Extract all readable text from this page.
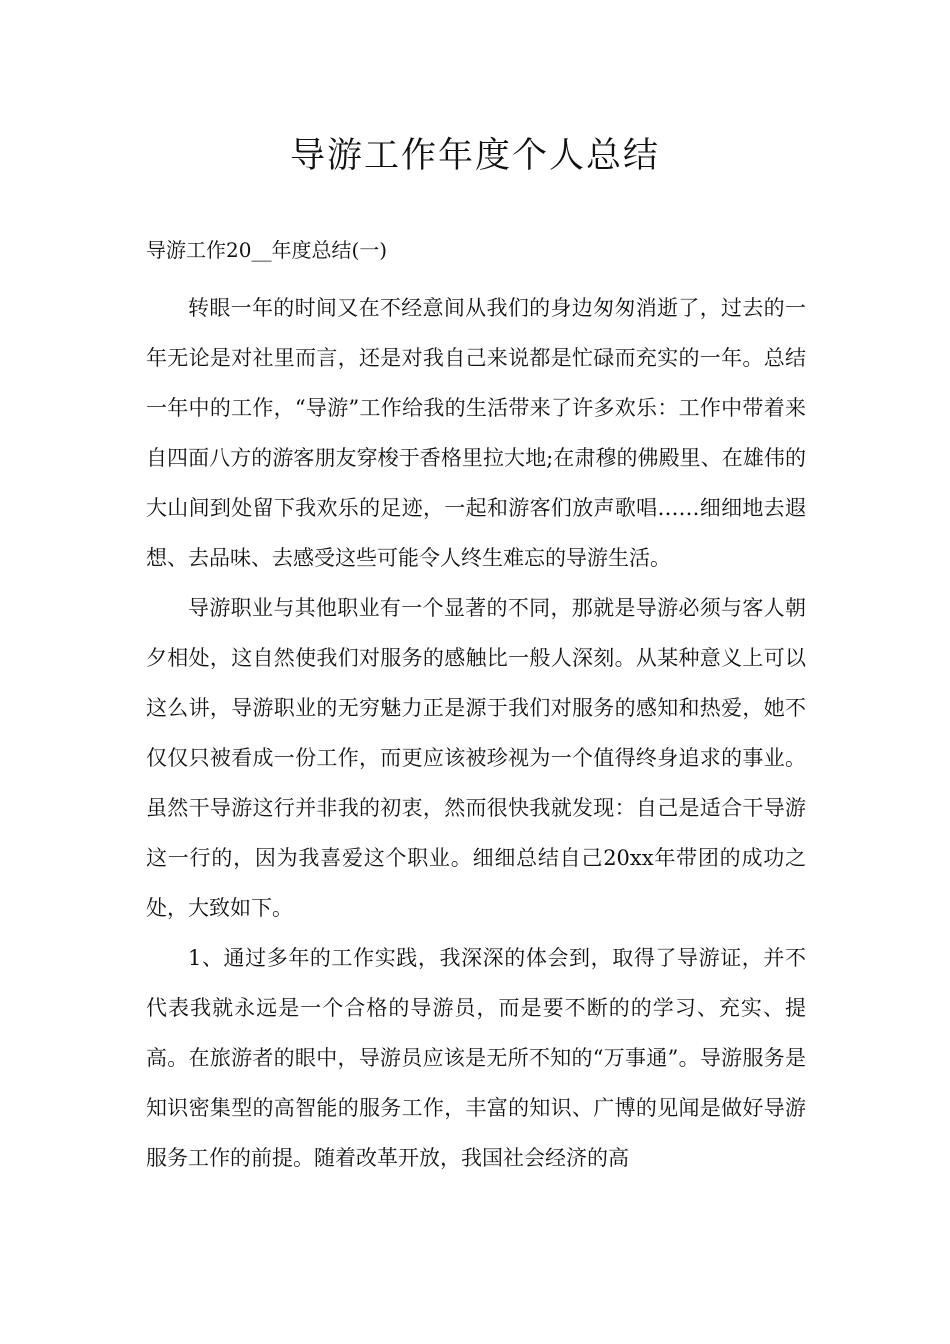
导游工作年度个人总结

导游工作20__年度总结(一)

转眼一年的时间又在不经意间从我们的身边匆匆消逝了，过去的一年无论是对社里而言，还是对我自己来说都是忙碌而充实的一年。总结一年中的工作，“导游”工作给我的生活带来了许多欢乐：工作中带着来自四面八方的游客朋友穿梭于香格里拉大地;在肃穆的佛殿里、在雄伟的大山间到处留下我欢乐的足迹，一起和游客们放声歌唱……细细地去遐想、去品味、去感受这些可能令人终生难忘的导游生活。

导游职业与其他职业有一个显著的不同，那就是导游必须与客人朝夕相处，这自然使我们对服务的感触比一般人深刻。从某种意义上可以这么讲，导游职业的无穷魅力正是源于我们对服务的感知和热爱，她不仅仅只被看成一份工作，而更应该被珍视为一个值得终身追求的事业。虽然干导游这行并非我的初衷，然而很快我就发现：自己是适合干导游这一行的，因为我喜爱这个职业。细细总结自己20xx年带团的成功之处，大致如下。

1、通过多年的工作实践，我深深的体会到，取得了导游证，并不代表我就永远是一个合格的导游员，而是要不断的的学习、充实、提高。在旅游者的眼中，导游员应该是无所不知的“万事通”。导游服务是知识密集型的高智能的服务工作，丰富的知识、广博的见闻是做好导游服务工作的前提。随着改革开放，我国社会经济的高
